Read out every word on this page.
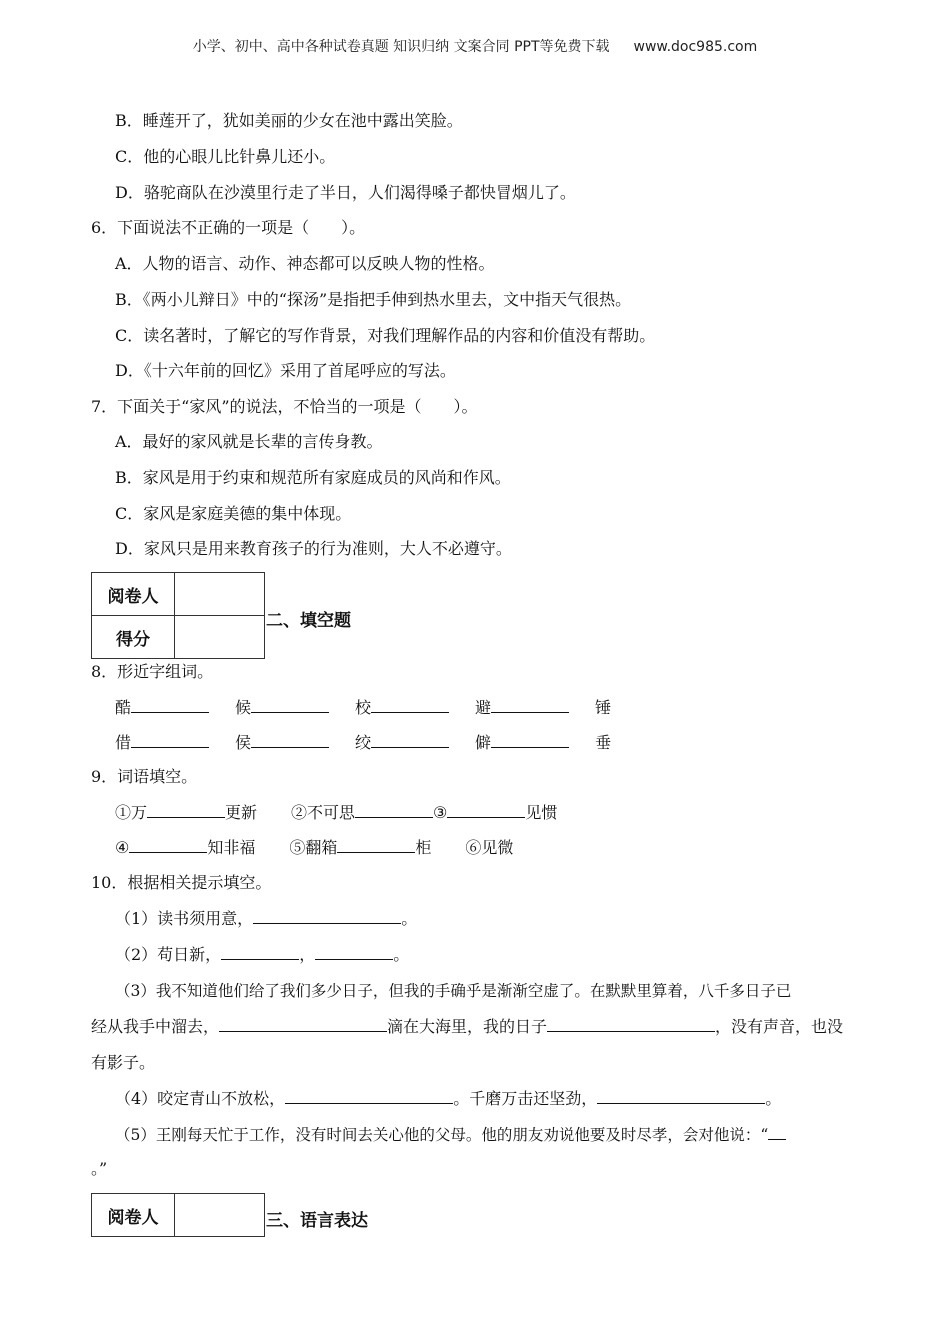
小学、初中、高中各种试卷真题 知识归纳 文案合同 PPT等免费下载 www.doc985.com
B．睡莲开了，犹如美丽的少女在池中露出笑脸。
C．他的心眼儿比针鼻儿还小。
D．骆驼商队在沙漠里行走了半日，人们渴得嗓子都快冒烟儿了。
6．下面说法不正确的一项是（　　）。
A．人物的语言、动作、神态都可以反映人物的性格。
B．《两小儿辩日》中的“探汤”是指把手伸到热水里去，文中指天气很热。
C．读名著时，了解它的写作背景，对我们理解作品的内容和价值没有帮助。
D．《十六年前的回忆》采用了首尾呼应的写法。
7．下面关于“家风”的说法，不恰当的一项是（　　）。
A．最好的家风就是长辈的言传身教。
B．家风是用于约束和规范所有家庭成员的风尚和作风。
C．家风是家庭美德的集中体现。
D．家风只是用来教育孩子的行为准则，大人不必遵守。
阅卷人	
得分	
二、填空题
8．形近字组词。
酷	候	校	避	锤
借	侯	绞	僻	垂
9．词语填空。
①万	更新 ②不可思	③	见惯
④	知非福 ⑤翻箱	柜 ⑥见微
10．根据相关提示填空。
（1）读书须用意，	。
（2）苟日新，	，	。
（3）我不知道他们给了我们多少日子，但我的手确乎是渐渐空虚了。在默默里算着，八千多日子已
经从我手中溜去，	滴在大海里，我的日子	，没有声音，也没
有影子。
（4）咬定青山不放松，	。千磨万击还坚劲，	。
（5）王刚每天忙于工作，没有时间去关心他的父母。他的朋友劝说他要及时尽孝，会对他说：“
。”
阅卷人		三、语言表达
